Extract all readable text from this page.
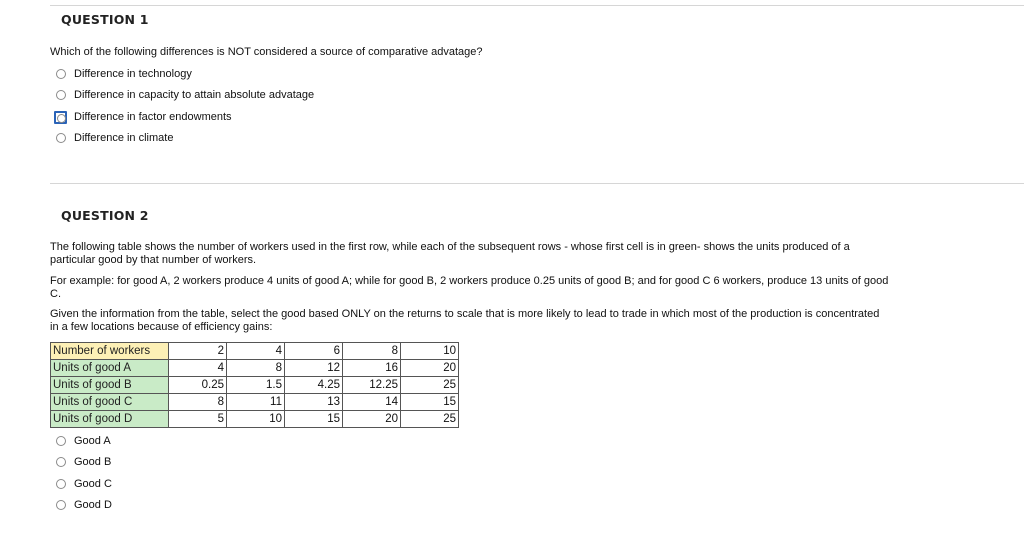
QUESTION 1
Which of the following differences is NOT considered a source of comparative advatage?
Difference in technology
Difference in capacity to attain absolute advatage
Difference in factor endowments
Difference in climate
QUESTION 2
The following table shows the number of workers used in the first row, while each of the subsequent rows - whose first cell is in green- shows the units produced of a
particular good by that number of workers.
For example: for good A, 2 workers produce 4 units of good A; while for good B, 2 workers produce 0.25 units of good B; and for good C 6 workers, produce 13 units of good
C.
Given the information from the table, select the good based ONLY on the returns to scale that is more likely to lead to trade in which most of the production is concentrated
in a few locations because of efficiency gains:
Number of workers	2	4	6	8	10
Units of good A	4	8	12	16	20
Units of good B	0.25	1.5	4.25	12.25	25
Units of good C	8	11	13	14	15
Units of good D	5	10	15	20	25
Good A
Good B
Good C
Good D
